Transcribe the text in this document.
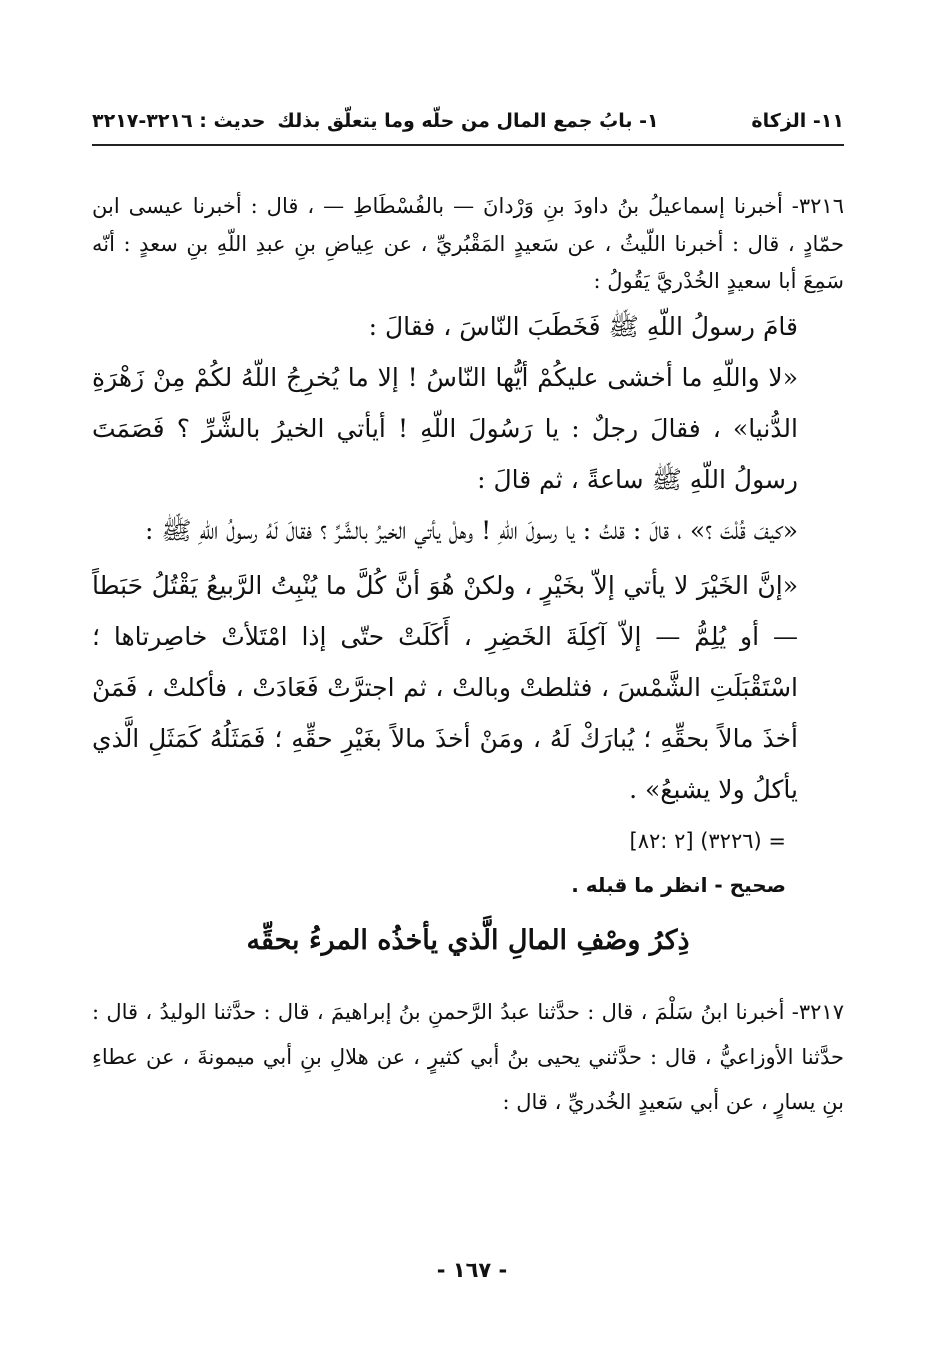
١١- الزكاة
١- بابُ جمع المال من حلّه وما يتعلّق بذلك
حديث : ٣٢١٦-٣٢١٧

٣٢١٦- أخبرنا إسماعيلُ بنُ داودَ بنِ وَرْدانَ — بالفُسْطَاطِ — ، قال : أخبرنا عيسى ابن حمّادٍ ، قال : أخبرنا اللّيثُ ، عن سَعيدٍ المَقْبُريِّ ، عن عِياضِ بنِ عبدِ اللّهِ بنِ سعدٍ : أنّه سَمِعَ أبا سعيدٍ الخُدْريَّ يَقُولُ :

قامَ رسولُ اللّهِ ﷺ فَخَطَبَ النّاسَ ، فقالَ :

«لا واللّهِ ما أخشى عليكُمْ أيُّها النّاسُ ! إلا ما يُخرِجُ اللّهُ لكُمْ مِنْ زَهْرَةِ الدُّنيا» ، فقالَ رجلٌ : يا رَسُولَ اللّهِ ! أيأتي الخيرُ بالشَّرِّ ؟ فَصَمَتَ رسولُ اللّهِ ﷺ ساعةً ، ثم قالَ :

«كيفَ قُلْتَ ؟» ، قالَ : قلتُ : يا رسولَ اللّهِ ! وهلْ يأتي الخيرُ بالشَّرِّ ؟ فقالَ لَهُ رسولُ اللّهِ ﷺ :

«إنَّ الخَيْرَ لا يأتي إلاّ بخَيْرٍ ، ولكنْ هُوَ أنَّ كُلَّ ما يُنْبِتُ الرَّبيعُ يَقْتُلُ حَبَطاً — أو يُلِمُّ — إلاّ آكِلَةَ الخَضِرِ ، أَكَلَتْ حتّى إذا امْتَلأتْ خاصِرتاها ؛ اسْتَقْبَلَتِ الشَّمْسَ ، فثلطتْ وبالتْ ، ثم اجترَّتْ فَعَادَتْ ، فأكلتْ ، فَمَنْ أخذَ مالاً بحقِّهِ ؛ يُبارَكْ لَهُ ، ومَنْ أخذَ مالاً بغَيْرِ حقِّهِ ؛ فَمَثَلُهُ كَمَثَلِ الَّذي يأكلُ ولا يشبعُ» .

= (٣٢٢٦) [٢ :٨٢]

صحيح - انظر ما قبله .

ذِكرُ وصْفِ المالِ الَّذي يأخذُه المرءُ بحقِّه

٣٢١٧- أخبرنا ابنُ سَلْمَ ، قال : حدَّثنا عبدُ الرَّحمنِ بنُ إبراهيمَ ، قال : حدَّثنا الوليدُ ، قال : حدَّثنا الأوزاعيُّ ، قال : حدَّثني يحيى بنُ أبي كثيرٍ ، عن هلالِ بنِ أبي ميمونةَ ، عن عطاءِ بنِ يسارٍ ، عن أبي سَعيدٍ الخُدريِّ ، قال :

- ١٦٧ -
